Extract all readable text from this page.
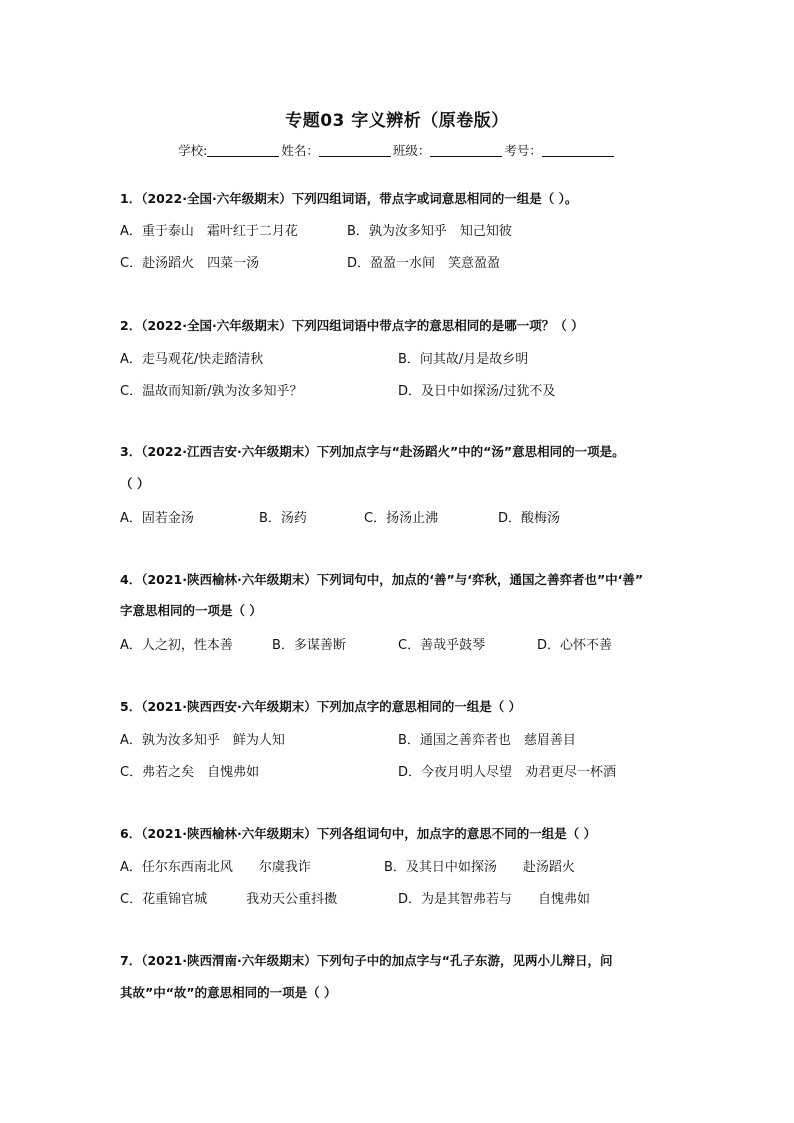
专题03 字义辨析（原卷版）
学校:	姓名：	班级：	考号：
1．（2022·全国·六年级期末）下列四组词语，带点字或词意思相同的一组是（ ）。
A．重于泰山　霜叶红于二月花	B．孰为汝多知乎　知己知彼
C．赴汤蹈火　四菜一汤	D．盈盈一水间　笑意盈盈
2．（2022·全国·六年级期末）下列四组词语中带点字的意思相同的是哪一项？（ ）
A．走马观花/快走踏清秋	B．问其故/月是故乡明
C．温故而知新/孰为汝多知乎？	D．及日中如探汤/过犹不及
3．（2022·江西吉安·六年级期末）下列加点字与“赴汤蹈火”中的“汤”意思相同的一项是。
（ ）
A．固若金汤	B．汤药	C．扬汤止沸	D．酸梅汤
4．（2021·陕西榆林·六年级期末）下列词句中，加点的‘善”与‘弈秋，通国之善弈者也”中‘善”
字意思相同的一项是（ ）
A．人之初，性本善	B．多谋善断	C．善哉乎鼓琴	D．心怀不善
5．（2021·陕西西安·六年级期末）下列加点字的意思相同的一组是（ ）
A．孰为汝多知乎　鲜为人知	B．通国之善弈者也　慈眉善目
C．弗若之矣　自愧弗如	D．今夜月明人尽望　劝君更尽一杯酒
6．（2021·陕西榆林·六年级期末）下列各组词句中，加点字的意思不同的一组是（ ）
A．任尔东西南北风　　尔虞我诈	B．及其日中如探汤　　赴汤蹈火
C．花重锦官城　　　我劝天公重抖擞	D．为是其智弗若与　　自愧弗如
7．（2021·陕西渭南·六年级期末）下列句子中的加点字与“孔子东游，见两小儿辩日，问
其故”中“故”的意思相同的一项是（ ）
